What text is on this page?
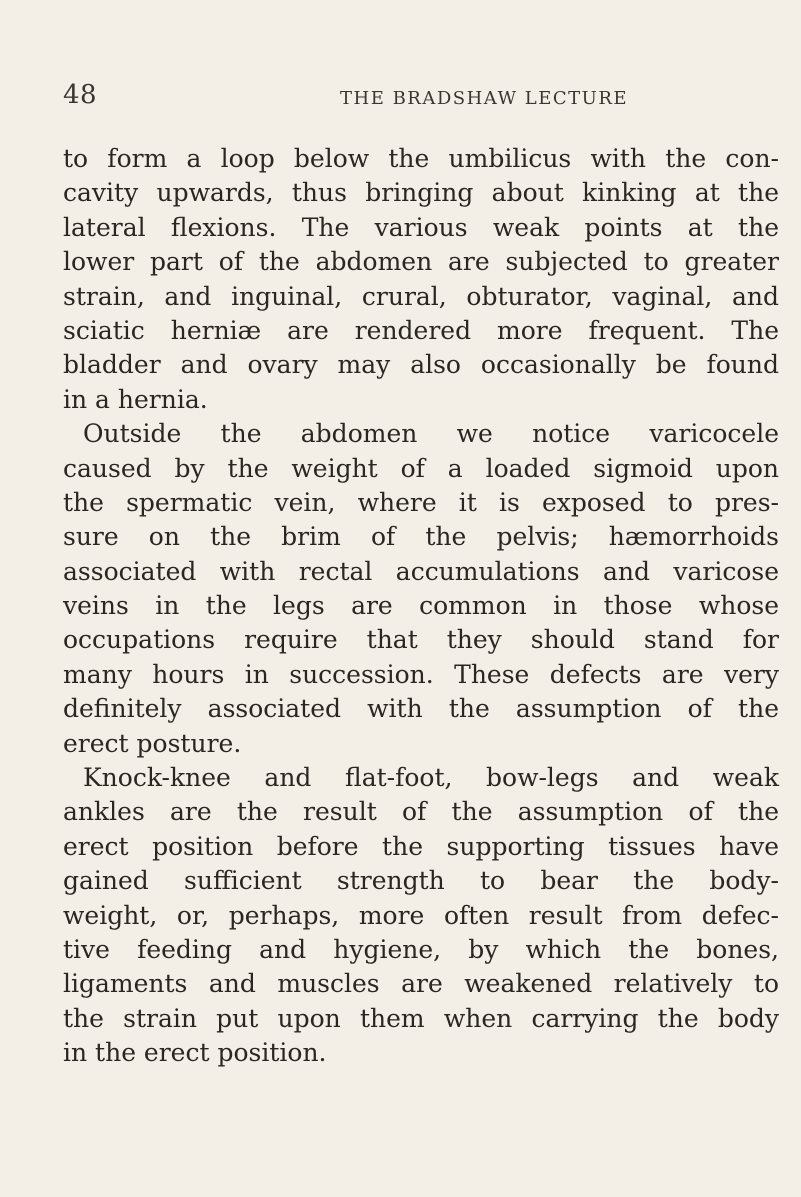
48	THE BRADSHAW LECTURE
to form a loop below the umbilicus with the con-
cavity upwards, thus bringing about kinking at the
lateral flexions. The various weak points at the
lower part of the abdomen are subjected to greater
strain, and inguinal, crural, obturator, vaginal, and
sciatic herniæ are rendered more frequent. The
bladder and ovary may also occasionally be found
in a hernia.
Outside the abdomen we notice varicocele
caused by the weight of a loaded sigmoid upon
the spermatic vein, where it is exposed to pres-
sure on the brim of the pelvis; hæmorrhoids
associated with rectal accumulations and varicose
veins in the legs are common in those whose
occupations require that they should stand for
many hours in succession. These defects are very
definitely associated with the assumption of the
erect posture.
Knock-knee and flat-foot, bow-legs and weak
ankles are the result of the assumption of the
erect position before the supporting tissues have
gained sufficient strength to bear the body-
weight, or, perhaps, more often result from defec-
tive feeding and hygiene, by which the bones,
ligaments and muscles are weakened relatively to
the strain put upon them when carrying the body
in the erect position.
